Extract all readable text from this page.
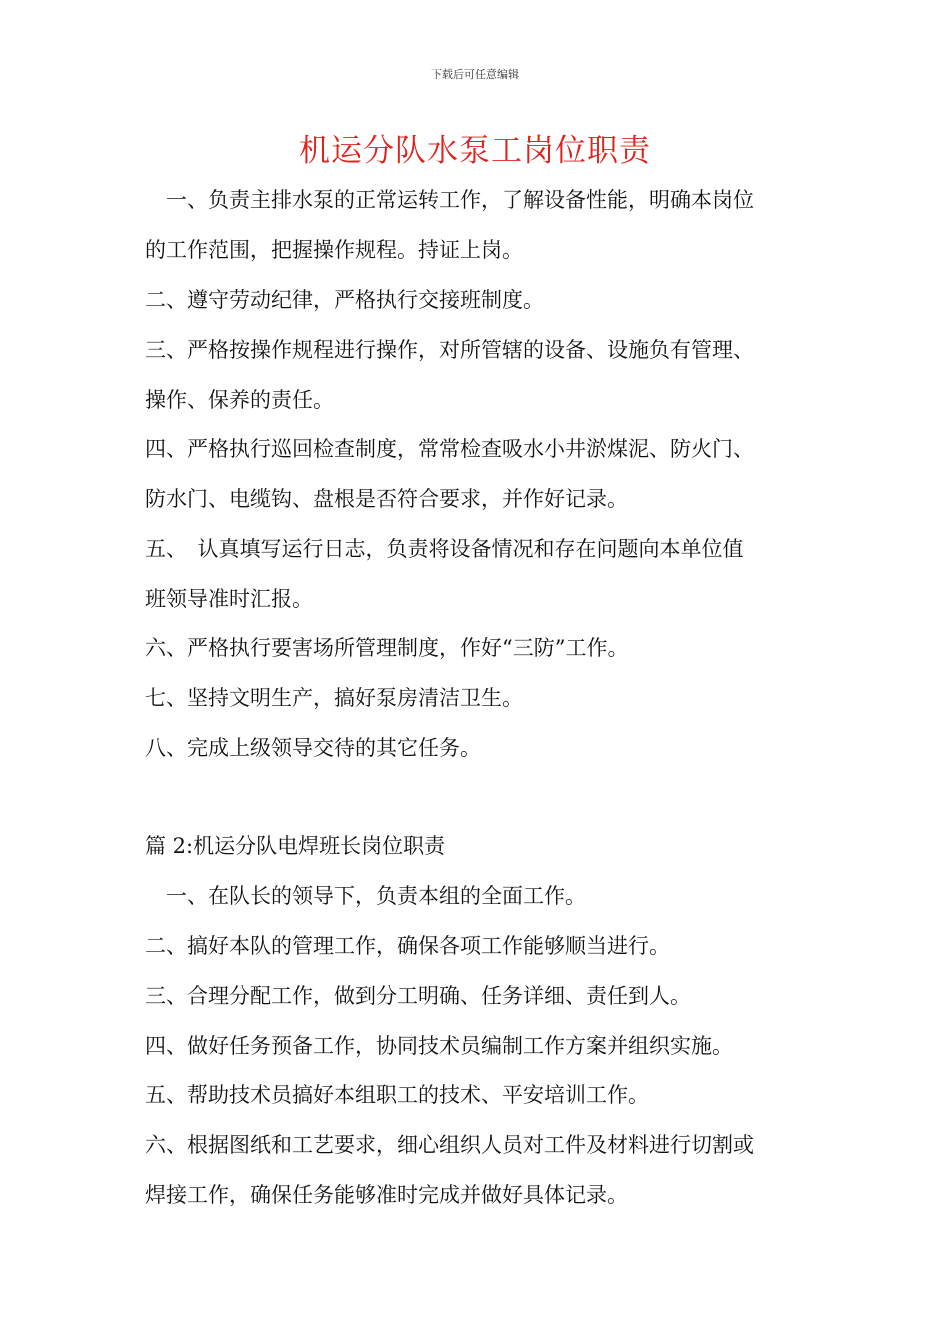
下载后可任意编辑
机运分队水泵工岗位职责
　一、负责主排水泵的正常运转工作，了解设备性能，明确本岗位
的工作范围，把握操作规程。持证上岗。
二、遵守劳动纪律，严格执行交接班制度。
三、严格按操作规程进行操作，对所管辖的设备、设施负有管理、
操作、保养的责任。
四、严格执行巡回检查制度，常常检查吸水小井淤煤泥、防火门、
防水门、电缆钩、盘根是否符合要求，并作好记录。
五、　认真填写运行日志，负责将设备情况和存在问题向本单位值
班领导准时汇报。
六、严格执行要害场所管理制度，作好“三防”工作。
七、坚持文明生产，搞好泵房清洁卫生。
八、完成上级领导交待的其它任务。
篇 2:机运分队电焊班长岗位职责
　一、在队长的领导下，负责本组的全面工作。
二、搞好本队的管理工作，确保各项工作能够顺当进行。
三、合理分配工作，做到分工明确、任务详细、责任到人。
四、做好任务预备工作，协同技术员编制工作方案并组织实施。
五、帮助技术员搞好本组职工的技术、平安培训工作。
六、根据图纸和工艺要求，细心组织人员对工件及材料进行切割或
焊接工作，确保任务能够准时完成并做好具体记录。
